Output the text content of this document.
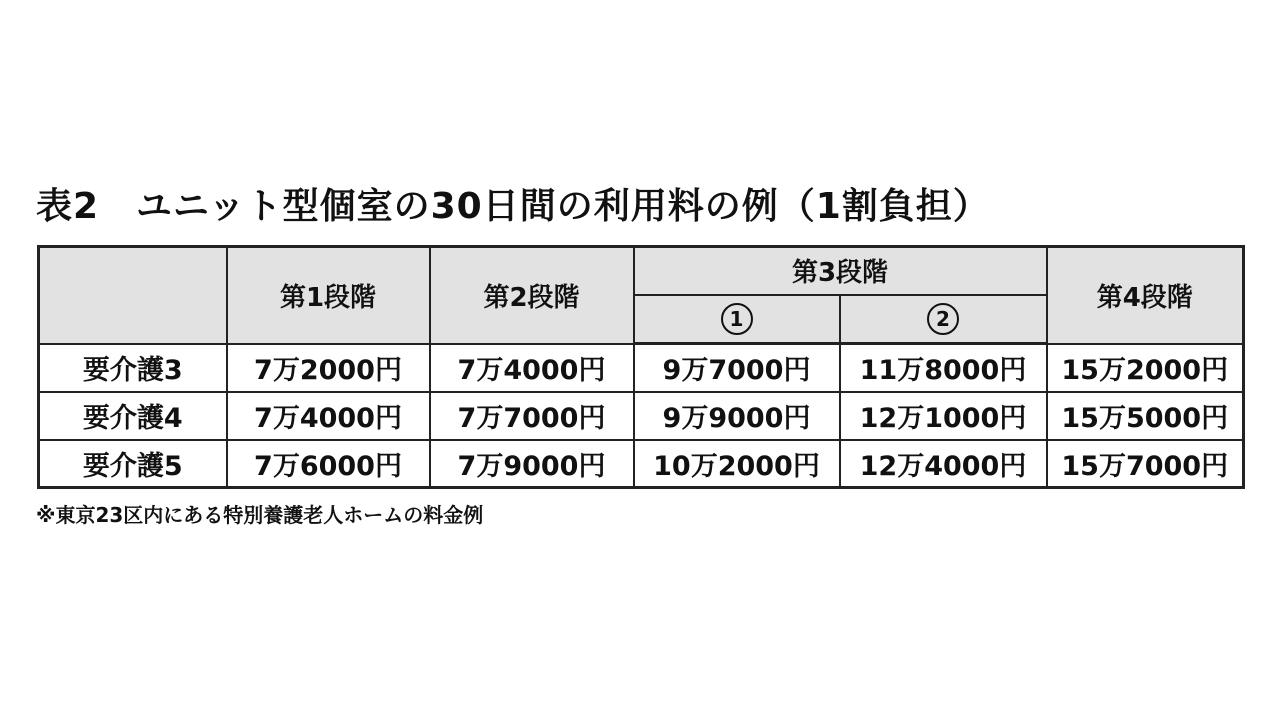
表2　ユニット型個室の30日間の利用料の例（1割負担）
	第1段階	第2段階	第3段階		第4段階
			1	2	
要介護3	7万2000円	7万4000円	9万7000円	11万8000円	15万2000円
要介護4	7万4000円	7万7000円	9万9000円	12万1000円	15万5000円
要介護5	7万6000円	7万9000円	10万2000円	12万4000円	15万7000円
※東京23区内にある特別養護老人ホームの料金例
